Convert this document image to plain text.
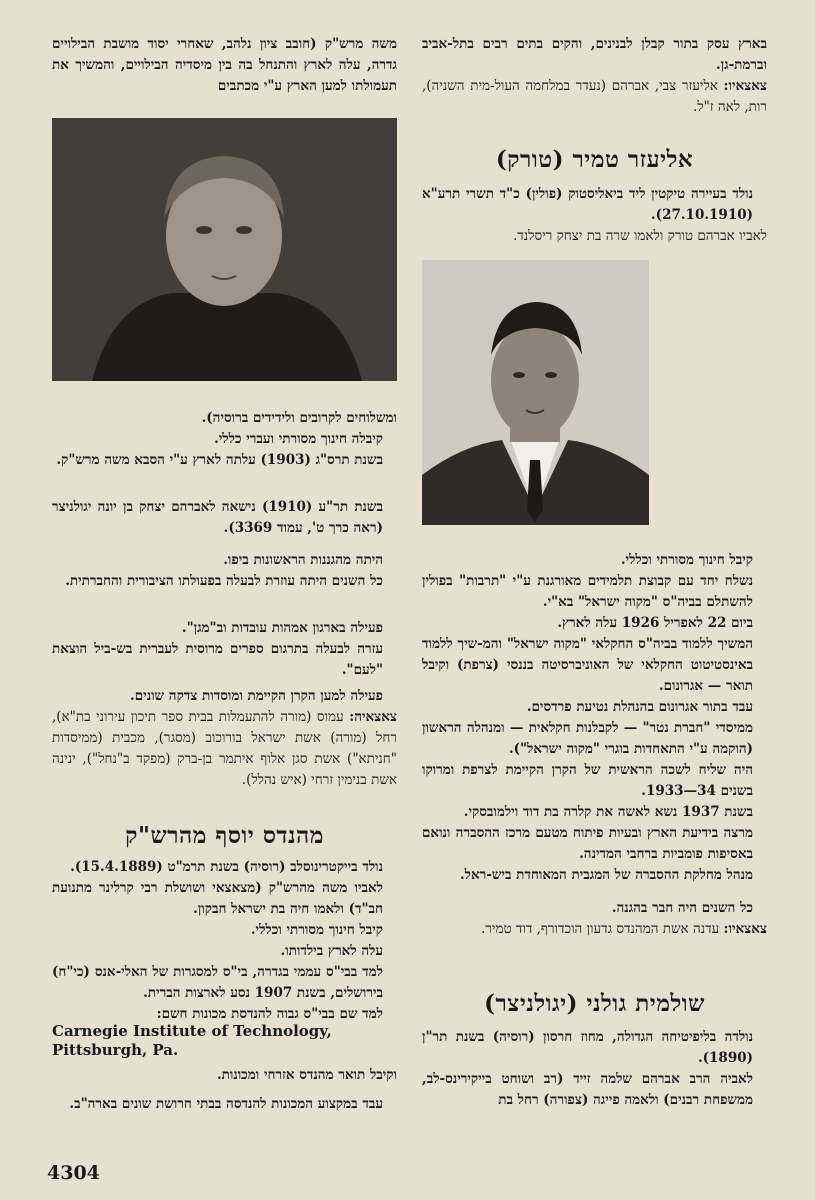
בארץ עסק בתור קבלן לבנינים, והקים בתים רבים בתל-אביב וברמת-גן.

צאצאיו: אליעזר צבי, אברהם (נעדר במלחמה העול-מית השניה), רות, לאה ז"ל.

אליעזר טמיר (טורק)

נולד בעיירה טיקטין ליד ביאליסטוק (פולין) כ"ד תשרי תרע"א (27.10.1910).

לאביו אברהם טורק ולאמו שרה בת יצחק ריסלנד.

קיבל חינוך מסורתי וכללי.

נשלח יחד עם קבוצת תלמידים מאורגנת ע"י "תרבות" בפולין להשתלם בביה"ס "מקוה ישראל" בא"י.

ביום 22 לאפריל 1926 עלה לארץ.

המשיך ללמוד בביה"ס החקלאי "מקוה ישראל" והמ-שיך ללמוד באינסטיטוט החקלאי של האוניברסיטה בננסי (צרפת) וקיבל תואר — אגרונום.

עבד בתור אגרונום בהנהלת נטיעת פרדסים.

ממיסדי "חברת נטר" — לקבלנות חקלאית — ומנהלה הראשון (הוקמה ע"י התאחדות בוגרי "מקוה ישראל").

היה שליח לשכה הראשית של הקרן הקיימת לצרפת ומרוקו בשנים 34—1933.

בשנת 1937 נשא לאשה את קלרה בת דוד וילמובסקי.

מרצה בידיעת הארץ ובעיות פיתוח מטעם מרכז ההסברה ונואם באסיפות פומביות ברחבי המדינה.

מנהל מחלקת ההסברה של המגבית המאוחדת ביש-ראל.

כל השנים היה חבר בהגנה.

צאצאיו: עדנה אשת המהנדס גדעון הוכדורף, דוד טמיר.

שולמית גולני (יגולניצר)

נולדה בליפיטיחה הגדולה, מחוז חרסון (רוסיה) בשנת תר"ן (1890).

לאביה הרב אברהם שלמה זייד (רב ושוחט בייקירינס-לב, ממשפחת רבנים) ולאמה פייגה (צפורה) רחל בת

משה מרש"ק (חובב ציון נלהב, שאחרי יסוד מושבת הבילויים גדרה, עלה לארץ והתנחל בה בין מיסדיה הבילויים, והמשיך את תעמולתו למען הארץ ע"י מכתבים

ומשלוחים לקרובים ולידידים ברוסיה).

קיבלה חינוך מסורתי ועברי כללי.

בשנת תרס"ג (1903) עלתה לארץ ע"י הסבא משה מרש"ק.

בשנת תר"ע (1910) נישאה לאברהם יצחק בן יונה יגולניצר (ראה כרך ט', עמוד 3369).

היתה מהגננות הראשונות ביפו.

כל השנים היתה עוזרת לבעלה בפעולתו הציבורית והחברתית.

פעילה בארגון אמהות עובדות וב"מגן".

עזרה לבעלה בתרגום ספרים מרוסית לעברית בש-ביל הוצאת "לעם".

פעילה למען הקרן הקיימת ומוסדות צדקה שונים.

צאצאיה: עמוס (מורה להתעמלות בבית ספר תיכון עירוני בת"א), רחל (מורה) אשת ישראל בורוכוב (מסגר), מכבית (ממיסדות "חניתא") אשת סגן אלוף איתמר בן-ברק (מפקד ב"נחל"), ינינה אשת בנימין זרחי (איש נהלל).

מהנדס יוסף מהרש"ק

נולד בייקטרינוסלב (רוסיה) בשנת תרמ"ט (15.4.1889).

לאביו משה מהרש"ק (מצאצאי ושושלת רבי קרלינר מתנועת חב"ד) ולאמו חיה בת ישראל חבקון.

קיבל חינוך מסורתי וכללי.

עלה לארץ בילדותו.

למד בבי"ס עממי בגדרה, בי"ס למסגרות של האלי-אנס (כי"ח) בירושלים, בשנת 1907 נסע לארצות הברית.

למד שם בבי"ס גבוה להנדסת מכונות חשם:

Carnegie Institute of Technology, Pittsburgh, Pa.

וקיבל תואר מהנדס אזרחי ומכונות.

עבד במקצוע המכונות להנדסה בבתי חרושת שונים בארה"ב.

4304
